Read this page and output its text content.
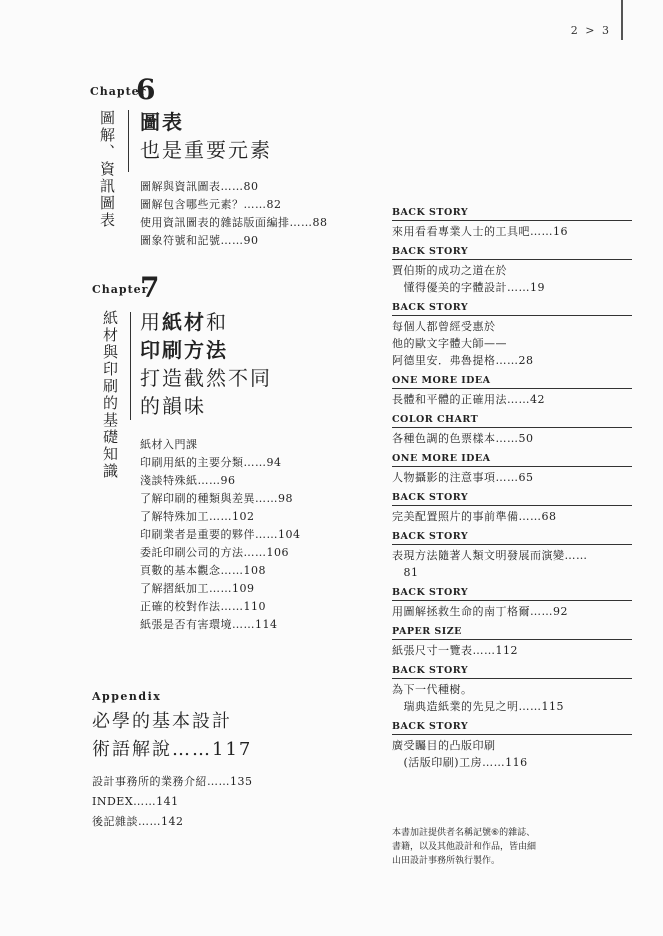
2 > 3
Chapter
6
圖解、資訊圖表 圖表
也是重要元素
圖解與資訊圖表……80
圖解包含哪些元素？……82
使用資訊圖表的雜誌版面編排……88
圖象符號和記號……90
Chapter
7
紙材與印刷的基礎知識 用紙材和
印刷方法
打造截然不同
的韻味
紙材入門課
印刷用紙的主要分類……94
淺談特殊紙……96
了解印刷的種類與差異……98
了解特殊加工……102
印刷業者是重要的夥伴……104
委託印刷公司的方法……106
頁數的基本觀念……108
了解摺紙加工……109
正確的校對作法……110
紙張是否有害環境……114
Appendix
必學的基本設計
術語解說……117
設計事務所的業務介紹……135
INDEX……141
後記雜談……142
BACK STORY
來用看看專業人士的工具吧……16
BACK STORY
賈伯斯的成功之道在於
　懂得優美的字體設計……19
BACK STORY
每個人都曾經受惠於
他的歐文字體大師——
阿德里安．弗魯提格……28
ONE MORE IDEA
長體和平體的正確用法……42
COLOR CHART
各種色調的色票樣本……50
ONE MORE IDEA
人物攝影的注意事項……65
BACK STORY
完美配置照片的事前準備……68
BACK STORY
表現方法隨著人類文明發展而演變……
　81
BACK STORY
用圖解拯救生命的南丁格爾……92
PAPER SIZE
紙張尺寸一覽表……112
BACK STORY
為下一代種樹。
　瑞典造紙業的先見之明……115
BACK STORY
廣受矚目的凸版印刷
　(活版印刷)工房……116
本書加註提供者名稱記號⑥的雜誌、
書籍，以及其他設計和作品，皆由細
山田設計事務所執行製作。
